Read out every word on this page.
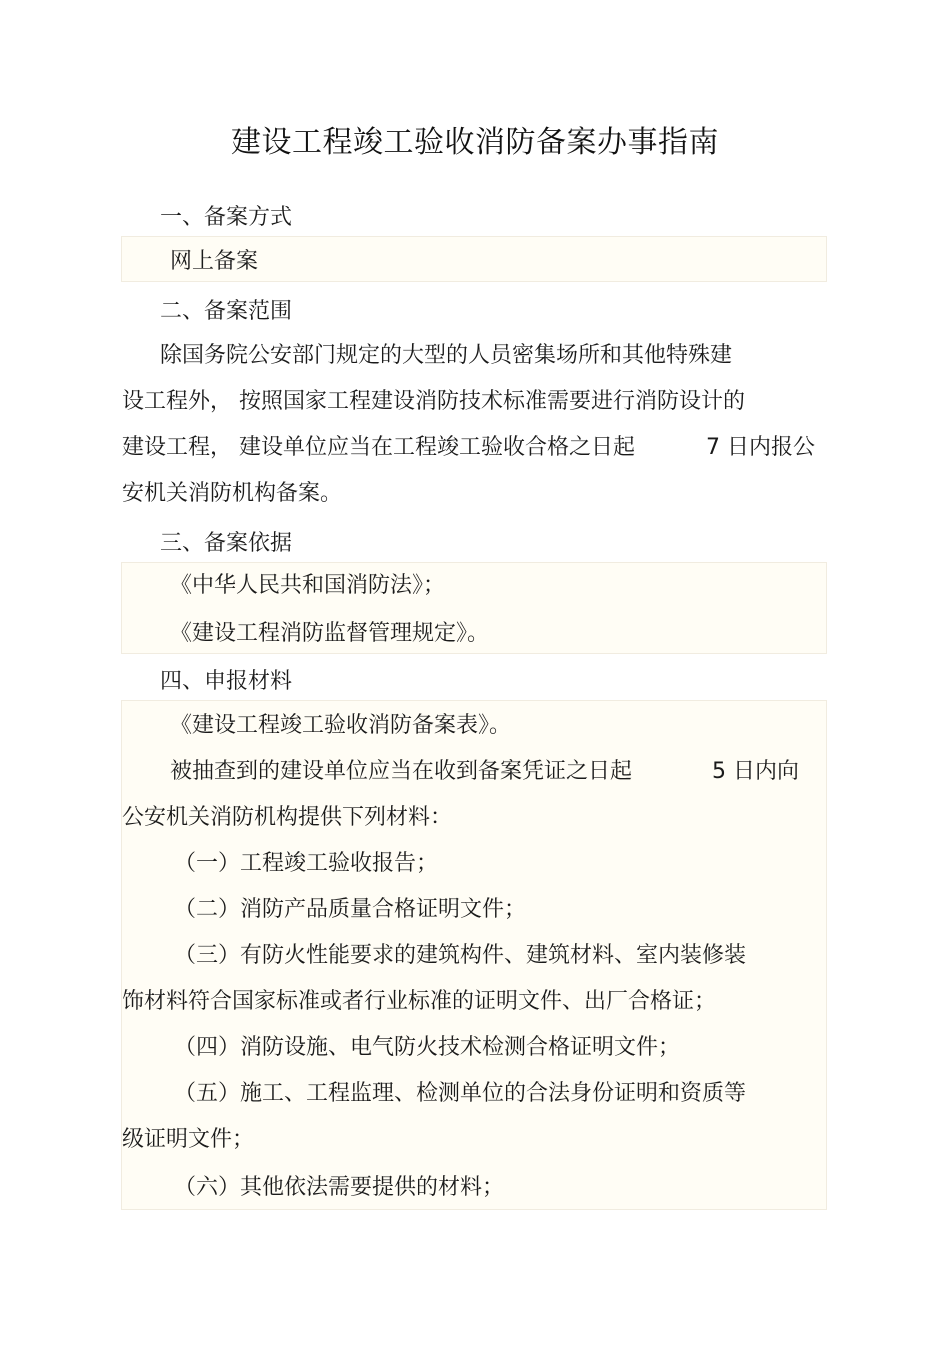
建设工程竣工验收消防备案办事指南
一、备案方式
网上备案
二、备案范围
除国务院公安部门规定的大型的人员密集场所和其他特殊建
设工程外， 按照国家工程建设消防技术标准需要进行消防设计的
建设工程， 建设单位应当在工程竣工验收合格之日起	7 日内报公
安机关消防机构备案。
三、备案依据
《中华人民共和国消防法》；
《建设工程消防监督管理规定》。
四、申报材料
《建设工程竣工验收消防备案表》。
被抽查到的建设单位应当在收到备案凭证之日起	5 日内向
公安机关消防机构提供下列材料：
（一）工程竣工验收报告；
（二）消防产品质量合格证明文件；
（三）有防火性能要求的建筑构件、建筑材料、室内装修装
饰材料符合国家标准或者行业标准的证明文件、出厂合格证；
（四）消防设施、电气防火技术检测合格证明文件；
（五）施工、工程监理、检测单位的合法身份证明和资质等
级证明文件；
（六）其他依法需要提供的材料；
